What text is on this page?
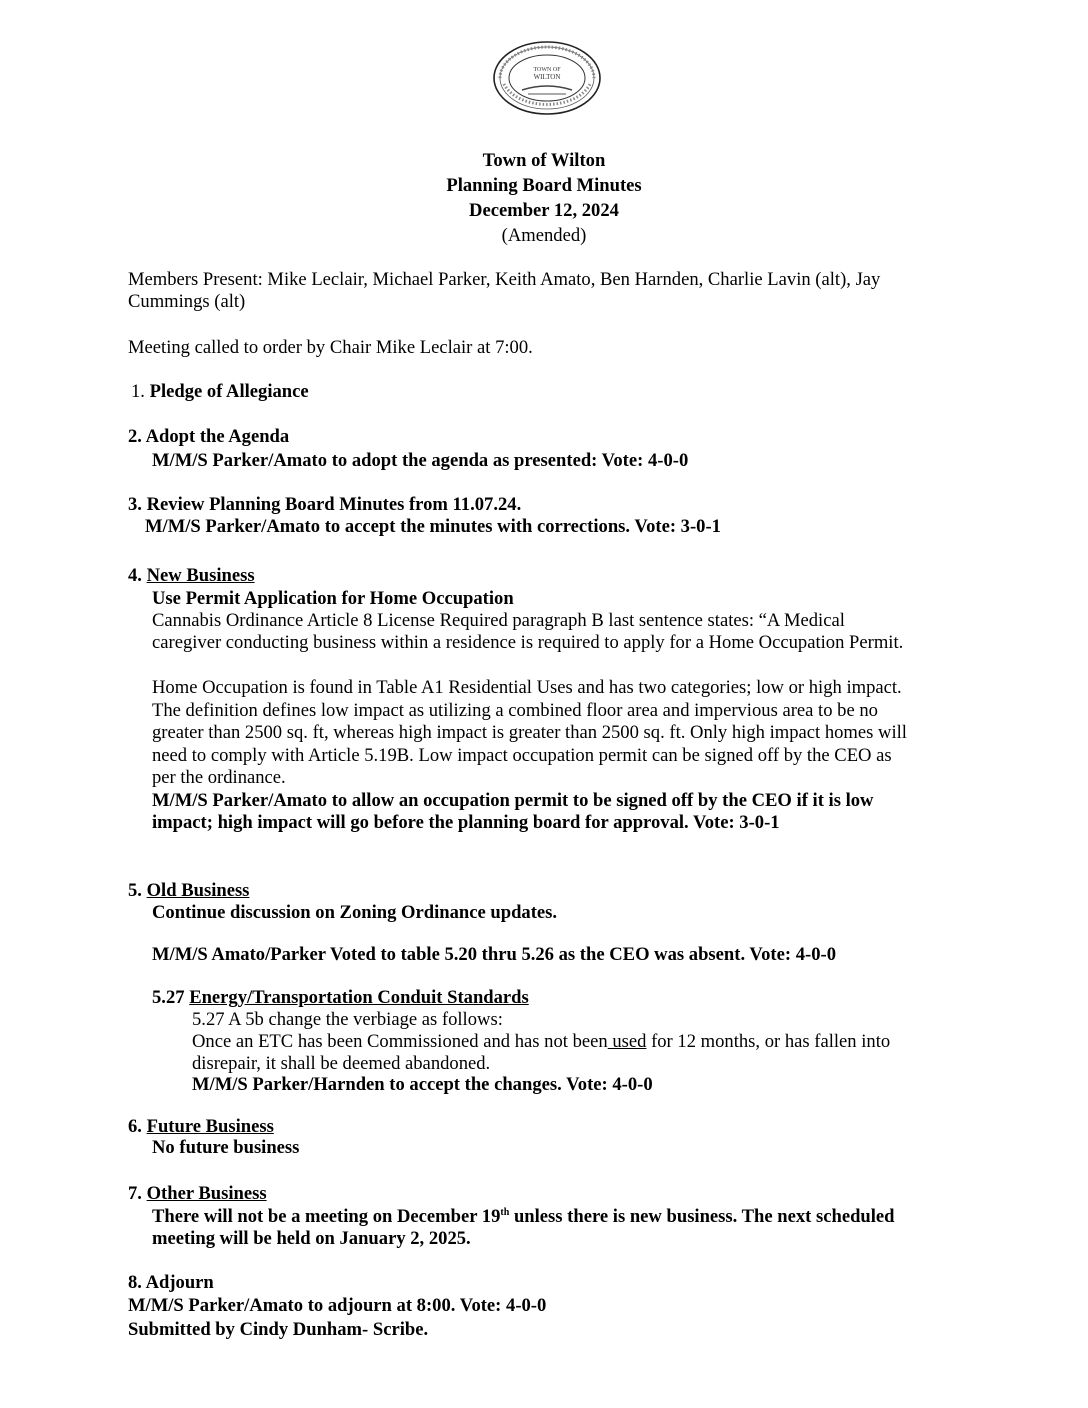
TOWN OF
WILTON
Town of Wilton
Planning Board Minutes
December 12, 2024
(Amended)
Members Present: Mike Leclair, Michael Parker, Keith Amato, Ben Harnden, Charlie Lavin (alt), Jay
Cummings (alt)
Meeting called to order by Chair Mike Leclair at 7:00.
1. Pledge of Allegiance
2. Adopt the Agenda
M/M/S Parker/Amato to adopt the agenda as presented: Vote: 4-0-0
3. Review Planning Board Minutes from 11.07.24.
M/M/S Parker/Amato to accept the minutes with corrections. Vote: 3-0-1
4. New Business
Use Permit Application for Home Occupation
Cannabis Ordinance Article 8 License Required paragraph B last sentence states: “A Medical
caregiver conducting business within a residence is required to apply for a Home Occupation Permit.
Home Occupation is found in Table A1 Residential Uses and has two categories; low or high impact.
The definition defines low impact as utilizing a combined floor area and impervious area to be no
greater than 2500 sq. ft, whereas high impact is greater than 2500 sq. ft. Only high impact homes will
need to comply with Article 5.19B. Low impact occupation permit can be signed off by the CEO as
per the ordinance.
M/M/S Parker/Amato to allow an occupation permit to be signed off by the CEO if it is low
impact; high impact will go before the planning board for approval. Vote: 3-0-1
5. Old Business
Continue discussion on Zoning Ordinance updates.
M/M/S Amato/Parker Voted to table 5.20 thru 5.26 as the CEO was absent. Vote: 4-0-0
5.27 Energy/Transportation Conduit Standards
5.27 A 5b change the verbiage as follows:
Once an ETC has been Commissioned and has not been used for 12 months, or has fallen into
disrepair, it shall be deemed abandoned.
M/M/S Parker/Harnden to accept the changes. Vote: 4-0-0
6. Future Business
No future business
7. Other Business
There will not be a meeting on December 19th unless there is new business. The next scheduled
meeting will be held on January 2, 2025.
8. Adjourn
M/M/S Parker/Amato to adjourn at 8:00. Vote: 4-0-0
Submitted by Cindy Dunham- Scribe.
